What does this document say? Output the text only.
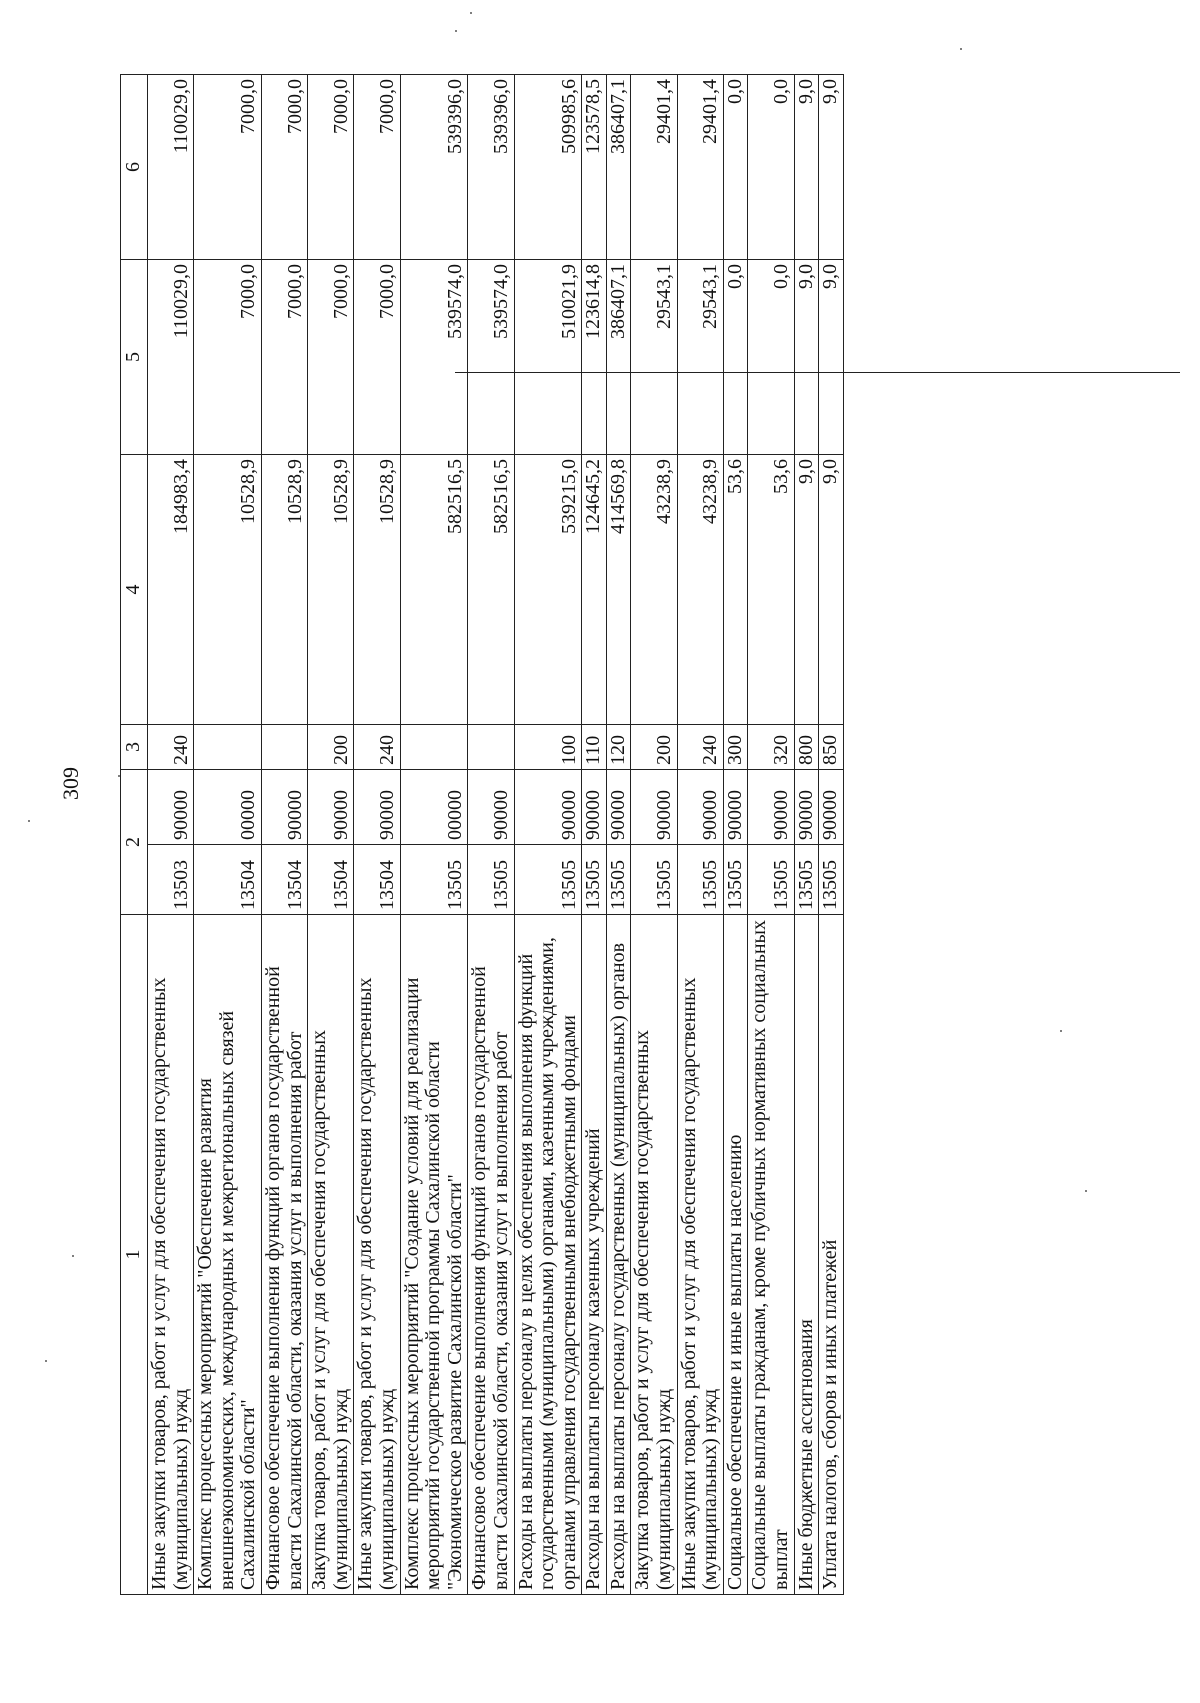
309
1	2		3	4	5	6
Иные закупки товаров, работ и услуг для обеспечения государственных (муниципальных) нужд	13503	90000	240	184983,4	110029,0	110029,0
Комплекс процессных мероприятий "Обеспечение развития внешнеэкономических, международных и межрегиональных связей Сахалинской области"	13504	00000		10528,9	7000,0	7000,0
Финансовое обеспечение выполнения функций органов государственной власти Сахалинской области, оказания услуг и выполнения работ	13504	90000		10528,9	7000,0	7000,0
Закупка товаров, работ и услуг для обеспечения государственных (муниципальных) нужд	13504	90000	200	10528,9	7000,0	7000,0
Иные закупки товаров, работ и услуг для обеспечения государственных (муниципальных) нужд	13504	90000	240	10528,9	7000,0	7000,0
Комплекс процессных мероприятий "Создание условий для реализации мероприятий государственной программы Сахалинской области "Экономическое развитие Сахалинской области"	13505	00000		582516,5	539574,0	539396,0
Финансовое обеспечение выполнения функций органов государственной власти Сахалинской области, оказания услуг и выполнения работ	13505	90000		582516,5	539574,0	539396,0
Расходы на выплаты персоналу в целях обеспечения выполнения функций государственными (муниципальными) органами, казенными учреждениями, органами управления государственными внебюджетными фондами	13505	90000	100	539215,0	510021,9	509985,6
Расходы на выплаты персоналу казенных учреждений	13505	90000	110	124645,2	123614,8	123578,5
Расходы на выплаты персоналу государственных (муниципальных) органов	13505	90000	120	414569,8	386407,1	386407,1
Закупка товаров, работ и услуг для обеспечения государственных (муниципальных) нужд	13505	90000	200	43238,9	29543,1	29401,4
Иные закупки товаров, работ и услуг для обеспечения государственных (муниципальных) нужд	13505	90000	240	43238,9	29543,1	29401,4
Социальное обеспечение и иные выплаты населению	13505	90000	300	53,6	0,0	0,0
Социальные выплаты гражданам, кроме публичных нормативных социальных выплат	13505	90000	320	53,6	0,0	0,0
Иные бюджетные ассигнования	13505	90000	800	9,0	9,0	9,0
Уплата налогов, сборов и иных платежей	13505	90000	850	9,0	9,0	9,0
